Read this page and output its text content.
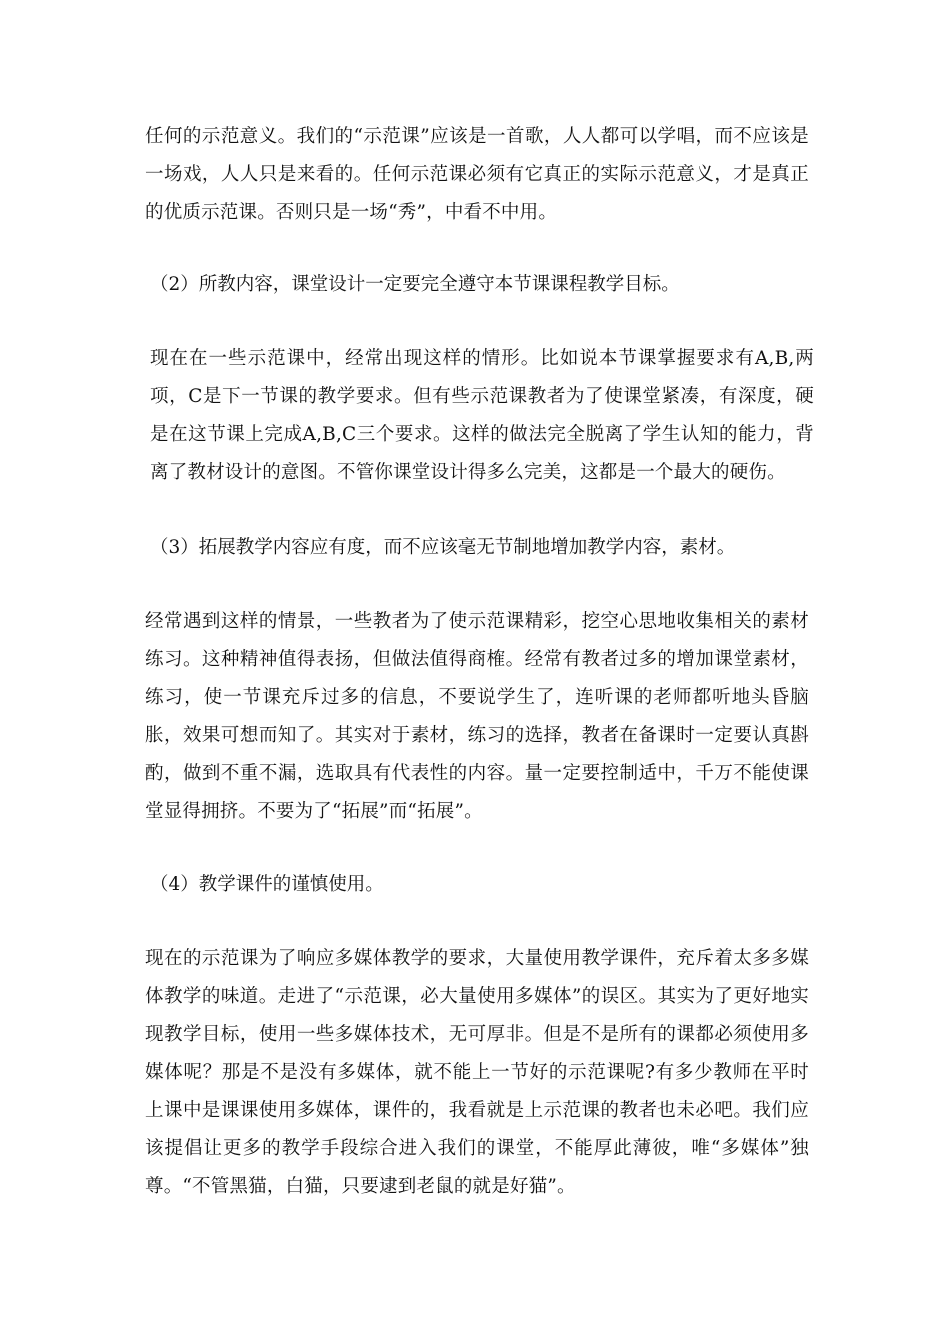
任何的示范意义。我们的“示范课”应该是一首歌，人人都可以学唱，而不应该是一场戏，人人只是来看的。任何示范课必须有它真正的实际示范意义，才是真正的优质示范课。否则只是一场“秀”，中看不中用。

（2）所教内容，课堂设计一定要完全遵守本节课课程教学目标。

现在在一些示范课中，经常出现这样的情形。比如说本节课掌握要求有A,B,两项，C是下一节课的教学要求。但有些示范课教者为了使课堂紧凑，有深度，硬是在这节课上完成A,B,C三个要求。这样的做法完全脱离了学生认知的能力，背离了教材设计的意图。不管你课堂设计得多么完美，这都是一个最大的硬伤。

（3）拓展教学内容应有度，而不应该毫无节制地增加教学内容，素材。

经常遇到这样的情景，一些教者为了使示范课精彩，挖空心思地收集相关的素材练习。这种精神值得表扬，但做法值得商榷。经常有教者过多的增加课堂素材，练习，使一节课充斥过多的信息，不要说学生了，连听课的老师都听地头昏脑胀，效果可想而知了。其实对于素材，练习的选择，教者在备课时一定要认真斟酌，做到不重不漏，选取具有代表性的内容。量一定要控制适中，千万不能使课堂显得拥挤。不要为了“拓展”而“拓展”。

（4）教学课件的谨慎使用。

现在的示范课为了响应多媒体教学的要求，大量使用教学课件，充斥着太多多媒体教学的味道。走进了“示范课，必大量使用多媒体”的误区。其实为了更好地实现教学目标，使用一些多媒体技术，无可厚非。但是不是所有的课都必须使用多媒体呢？那是不是没有多媒体，就不能上一节好的示范课呢?有多少教师在平时上课中是课课使用多媒体，课件的，我看就是上示范课的教者也未必吧。我们应该提倡让更多的教学手段综合进入我们的课堂，不能厚此薄彼，唯“多媒体”独尊。“不管黑猫，白猫，只要逮到老鼠的就是好猫”。
